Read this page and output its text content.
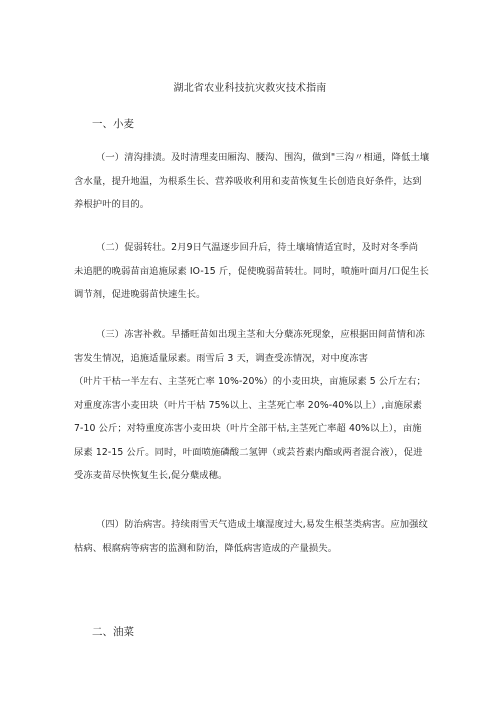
湖北省农业科技抗灾救灾技术指南
一、小麦
（一）清沟排渍。及时清理麦田厢沟、腰沟、围沟，做到"三沟〃相通，降低土壤
含水量，提升地温，为根系生长、营养吸收利用和麦苗恢复生长创造良好条件，达到
养根护叶的目的。
（二）促弱转壮。2月9日气温逐步回升后，待土壤墒情适宜时，及时对冬季尚
未追肥的晚弱苗亩追施尿素 IO-15 斤，促使晚弱苗转壮。同时，喷施叶面月/口促生长
调节剂，促进晚弱苗快速生长。
（三）冻害补救。早播旺苗如出现主茎和大分蘖冻死现象，应根据田间苗情和冻
害发生情况，追施适量尿素。雨雪后 3 天，调查受冻情况，对中度冻害
（叶片干枯一半左右、主茎死亡率 10%-20%）的小麦田块，亩施尿素 5 公斤左右；
对重度冻害小麦田块（叶片干枯 75%以上、主茎死亡率 20%-40%以上）,亩施尿素
7-10 公斤；对特重度冻害小麦田块（叶片全部干枯,主茎死亡率超 40%以上），亩施
尿素 12-15 公斤。同时，叶面喷施磷酸二氢钾（或芸苔素内酯或两者混合液），促进
受冻麦苗尽快恢复生长,促分蘖成穗。
（四）防治病害。持续雨雪天气造成土壤湿度过大,易发生根茎类病害。应加强纹
枯病、根腐病等病害的监测和防治，降低病害造成的产量损失。
二、油菜
